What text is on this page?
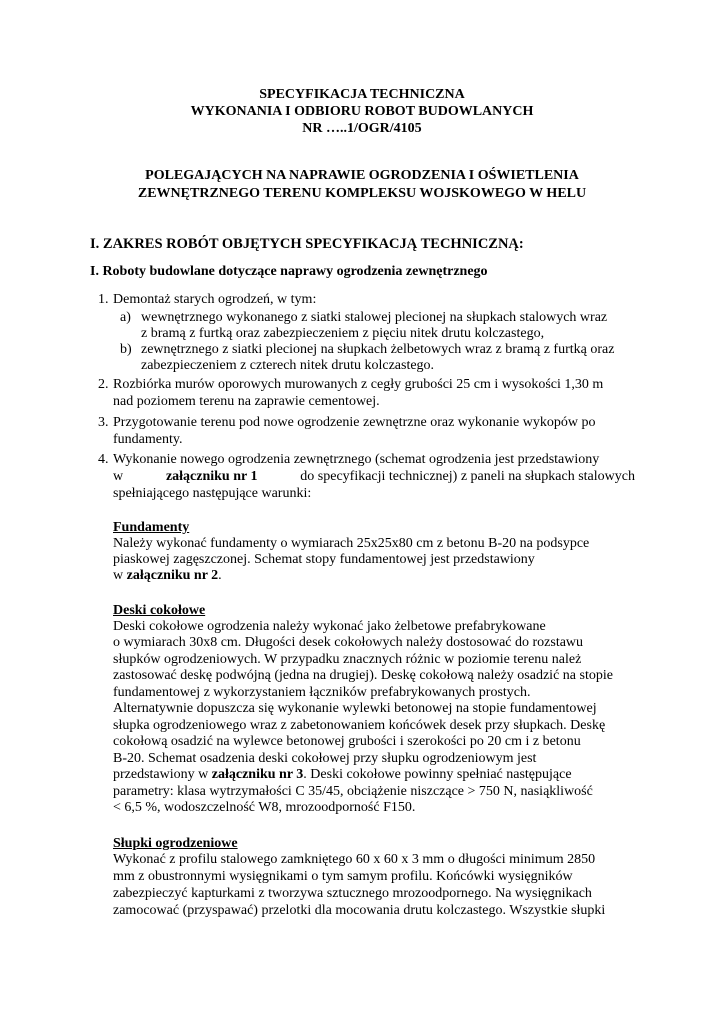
SPECYFIKACJA TECHNICZNA
WYKONANIA I ODBIORU ROBOT BUDOWLANYCH
NR …..1/OGR/4105
POLEGAJĄCYCH NA NAPRAWIE OGRODZENIA I OŚWIETLENIA
ZEWNĘTRZNEGO TERENU KOMPLEKSU WOJSKOWEGO W HELU
I. ZAKRES ROBÓT OBJĘTYCH SPECYFIKACJĄ TECHNICZNĄ:
I. Roboty budowlane dotyczące naprawy ogrodzenia zewnętrznego
1. Demontaż starych ogrodzeń, w tym:
a) wewnętrznego wykonanego z siatki stalowej plecionej na słupkach stalowych wraz
z bramą z furtką oraz zabezpieczeniem z pięciu nitek drutu kolczastego,
b) zewnętrznego z siatki plecionej na słupkach żelbetowych wraz z bramą z furtką oraz
zabezpieczeniem z czterech nitek drutu kolczastego.
2. Rozbiórka murów oporowych murowanych z cegły grubości 25 cm i wysokości 1,30 m
nad poziomem terenu na zaprawie cementowej.
3. Przygotowanie terenu pod nowe ogrodzenie zewnętrzne oraz wykonanie wykopów po
fundamenty.
4. Wykonanie nowego ogrodzenia zewnętrznego (schemat ogrodzenia jest przedstawiony
w	załączniku nr 1	do specyfikacji technicznej) z paneli na słupkach stalowych
spełniającego następujące warunki:
Fundamenty
Należy wykonać fundamenty o wymiarach 25x25x80 cm z betonu B-20 na podsypce
piaskowej zagęszczonej. Schemat stopy fundamentowej jest przedstawiony
w załączniku nr 2.
Deski cokołowe
Deski cokołowe ogrodzenia należy wykonać jako żelbetowe prefabrykowane
o wymiarach 30x8 cm. Długości desek cokołowych należy dostosować do rozstawu
słupków ogrodzeniowych. W przypadku znacznych różnic w poziomie terenu należ
zastosować deskę podwójną (jedna na drugiej). Deskę cokołową należy osadzić na stopie
fundamentowej z wykorzystaniem łączników prefabrykowanych prostych.
Alternatywnie dopuszcza się wykonanie wylewki betonowej na stopie fundamentowej
słupka ogrodzeniowego wraz z zabetonowaniem końcówek desek przy słupkach. Deskę
cokołową osadzić na wylewce betonowej grubości i szerokości po 20 cm i z betonu
B-20. Schemat osadzenia deski cokołowej przy słupku ogrodzeniowym jest
przedstawiony w załączniku nr 3. Deski cokołowe powinny spełniać następujące
parametry: klasa wytrzymałości C 35/45, obciążenie niszczące > 750 N, nasiąkliwość
< 6,5 %, wodoszczelność W8, mrozoodporność F150.
Słupki ogrodzeniowe
Wykonać z profilu stalowego zamkniętego 60 x 60 x 3 mm o długości minimum 2850
mm z obustronnymi wysięgnikami o tym samym profilu. Końcówki wysięgników
zabezpieczyć kapturkami z tworzywa sztucznego mrozoodpornego. Na wysięgnikach
zamocować (przyspawać) przelotki dla mocowania drutu kolczastego. Wszystkie słupki
